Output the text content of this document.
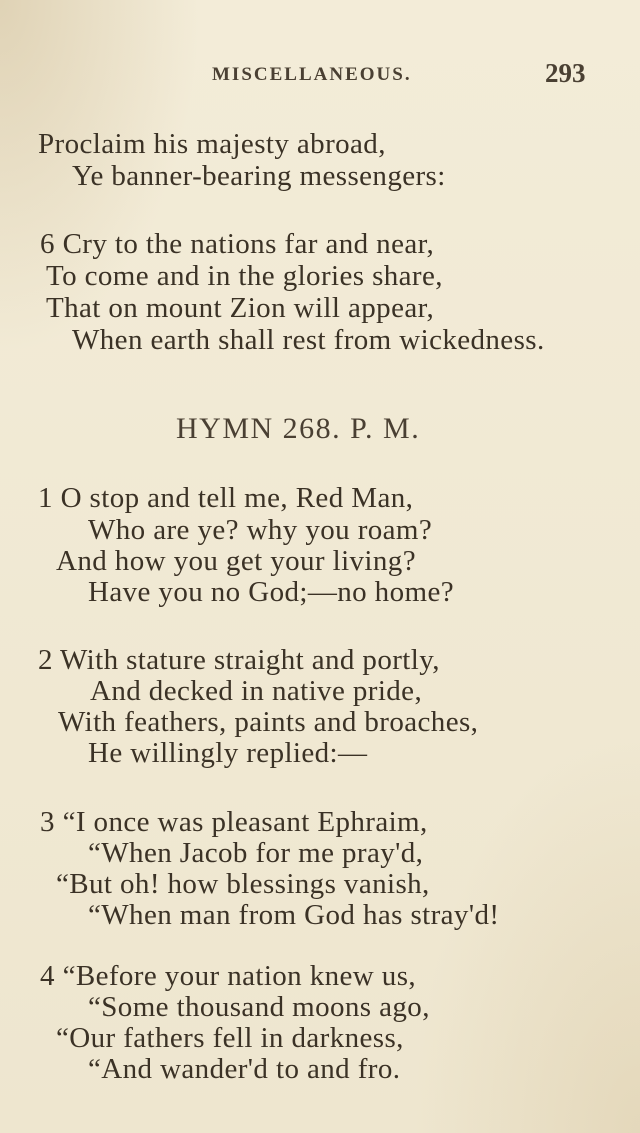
MISCELLANEOUS.	293
Proclaim his majesty abroad,
Ye banner-bearing messengers:
6 Cry to the nations far and near,
To come and in the glories share,
That on mount Zion will appear,
When earth shall rest from wickedness.
HYMN 268. P. M.
1 O stop and tell me, Red Man,
Who are ye? why you roam?
And how you get your living?
Have you no God;—no home?
2 With stature straight and portly,
And decked in native pride,
With feathers, paints and broaches,
He willingly replied:—
3 “I once was pleasant Ephraim,
“When Jacob for me pray'd,
“But oh! how blessings vanish,
“When man from God has stray'd!
4 “Before your nation knew us,
“Some thousand moons ago,
“Our fathers fell in darkness,
“And wander'd to and fro.
